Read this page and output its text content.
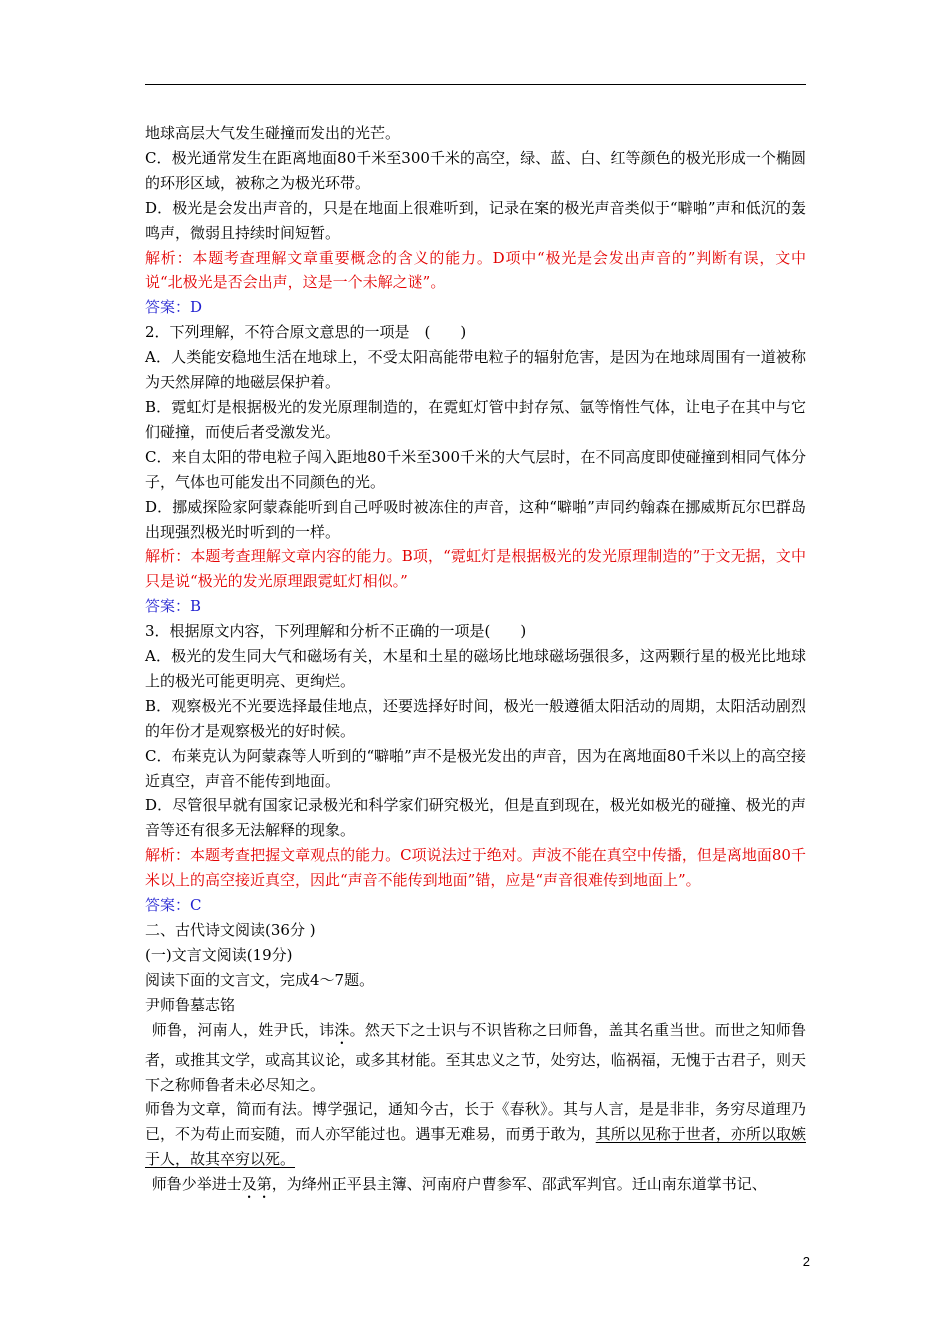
地球高层大气发生碰撞而发出的光芒。

C．极光通常发生在距离地面80千米至300千米的高空，绿、蓝、白、红等颜色的极光形成一个椭圆的环形区域，被称之为极光环带。

D．极光是会发出声音的，只是在地面上很难听到，记录在案的极光声音类似于“噼啪”声和低沉的轰鸣声，微弱且持续时间短暂。

解析：本题考查理解文章重要概念的含义的能力。D项中“极光是会发出声音的”判断有误，文中说“北极光是否会出声，这是一个未解之谜”。

答案：D

2．下列理解，不符合原文意思的一项是　(　　)

A．人类能安稳地生活在地球上，不受太阳高能带电粒子的辐射危害，是因为在地球周围有一道被称为天然屏障的地磁层保护着。

B．霓虹灯是根据极光的发光原理制造的，在霓虹灯管中封存氖、氩等惰性气体，让电子在其中与它们碰撞，而使后者受激发光。

C．来自太阳的带电粒子闯入距地80千米至300千米的大气层时，在不同高度即使碰撞到相同气体分子，气体也可能发出不同颜色的光。

D．挪威探险家阿蒙森能听到自己呼吸时被冻住的声音，这种“噼啪”声同约翰森在挪威斯瓦尔巴群岛出现强烈极光时听到的一样。

解析：本题考查理解文章内容的能力。B项，“霓虹灯是根据极光的发光原理制造的”于文无据，文中只是说“极光的发光原理跟霓虹灯相似。”

答案：B

3．根据原文内容，下列理解和分析不正确的一项是(　　)

A．极光的发生同大气和磁场有关，木星和土星的磁场比地球磁场强很多，这两颗行星的极光比地球上的极光可能更明亮、更绚烂。

B．观察极光不光要选择最佳地点，还要选择好时间，极光一般遵循太阳活动的周期，太阳活动剧烈的年份才是观察极光的好时候。

C．布莱克认为阿蒙森等人听到的“噼啪”声不是极光发出的声音，因为在离地面80千米以上的高空接近真空，声音不能传到地面。

D．尽管很早就有国家记录极光和科学家们研究极光，但是直到现在，极光如极光的碰撞、极光的声音等还有很多无法解释的现象。

解析：本题考查把握文章观点的能力。C项说法过于绝对。声波不能在真空中传播，但是离地面80千米以上的高空接近真空，因此“声音不能传到地面”错，应是“声音很难传到地面上”。

答案：C

二、古代诗文阅读(36分 )

(一)文言文阅读(19分)

阅读下面的文言文，完成4～7题。

尹师鲁墓志铭

师鲁，河南人，姓尹氏，讳洙。然天下之士识与不识皆称之曰师鲁，盖其名重当世。而世之知师鲁者，或推其文学，或高其议论，或多其材能。至其忠义之节，处穷达，临祸福，无愧于古君子，则天下之称师鲁者未必尽知之。

师鲁为文章，简而有法。博学强记，通知今古，长于《春秋》。其与人言，是是非非，务穷尽道理乃已，不为苟止而妄随，而人亦罕能过也。遇事无难易，而勇于敢为，其所以见称于世者，亦所以取嫉于人，故其卒穷以死。

师鲁少举进士及第，为绛州正平县主簿、河南府户曹参军、邵武军判官。迁山南东道掌书记、

2
